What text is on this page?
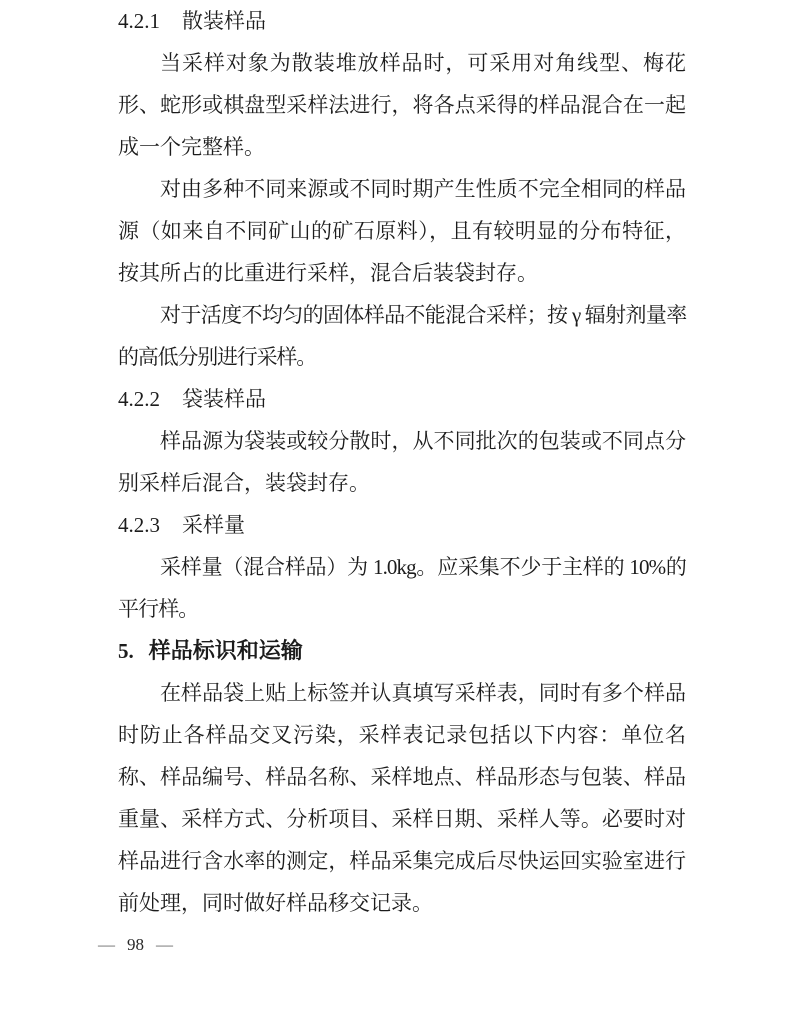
4.2.1 散装样品

当采样对象为散装堆放样品时，可采用对角线型、梅花形、蛇形或棋盘型采样法进行，将各点采得的样品混合在一起成一个完整样。

对由多种不同来源或不同时期产生性质不完全相同的样品源（如来自不同矿山的矿石原料），且有较明显的分布特征，按其所占的比重进行采样，混合后装袋封存。

对于活度不均匀的固体样品不能混合采样；按 γ 辐射剂量率的高低分别进行采样。

4.2.2 袋装样品

样品源为袋装或较分散时，从不同批次的包装或不同点分别采样后混合，装袋封存。

4.2.3 采样量

采样量（混合样品）为 1.0kg。应采集不少于主样的 10%的平行样。

5. 样品标识和运输

在样品袋上贴上标签并认真填写采样表，同时有多个样品时防止各样品交叉污染，采样表记录包括以下内容：单位名称、样品编号、样品名称、采样地点、样品形态与包装、样品重量、采样方式、分析项目、采样日期、采样人等。必要时对样品进行含水率的测定，样品采集完成后尽快运回实验室进行前处理，同时做好样品移交记录。

— 98 —
